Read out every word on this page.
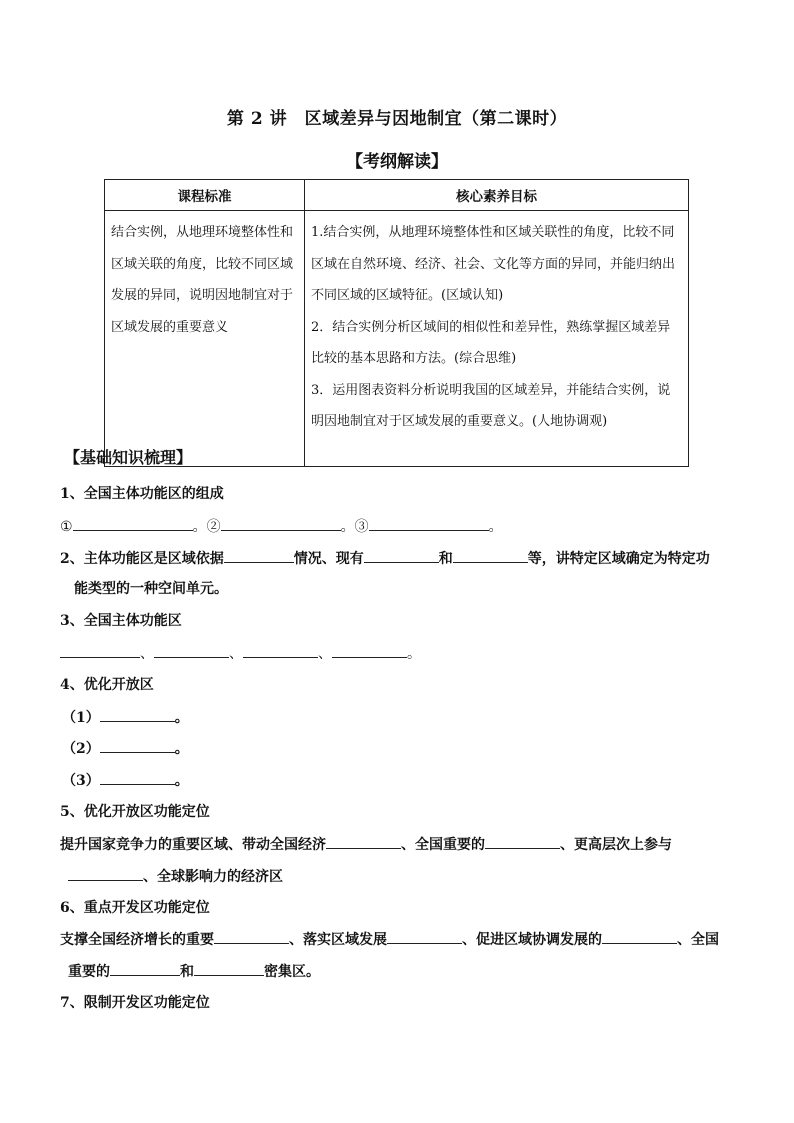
第 2 讲　区域差异与因地制宜（第二课时）
【考纲解读】
课程标准	核心素养目标
结合实例，从地理环境整体性和区域关联的角度，比较不同区域发展的异同，说明因地制宜对于区域发展的重要意义	1.结合实例，从地理环境整体性和区域关联性的角度，比较不同区域在自然环境、经济、社会、文化等方面的异同，并能归纳出不同区域的区域特征。(区域认知)
2．结合实例分析区域间的相似性和差异性，熟练掌握区域差异比较的基本思路和方法。(综合思维)
3．运用图表资料分析说明我国的区域差异，并能结合实例，说明因地制宜对于区域发展的重要意义。(人地协调观)
【基础知识梳理】
1、全国主体功能区的组成
①	。②	。③	。
2、主体功能区是区域依据	情况、现有	和	等，讲特定区域确定为特定功
能类型的一种空间单元。
3、全国主体功能区
、	、	、	。
4、优化开放区
（1）	。
（2）	。
（3）	。
5、优化开放区功能定位
提升国家竞争力的重要区域、带动全国经济	、全国重要的	、更高层次上参与
、全球影响力的经济区
6、重点开发区功能定位
支撑全国经济增长的重要	、落实区域发展	、促进区域协调发展的	、全国
重要的	和	密集区。
7、限制开发区功能定位
